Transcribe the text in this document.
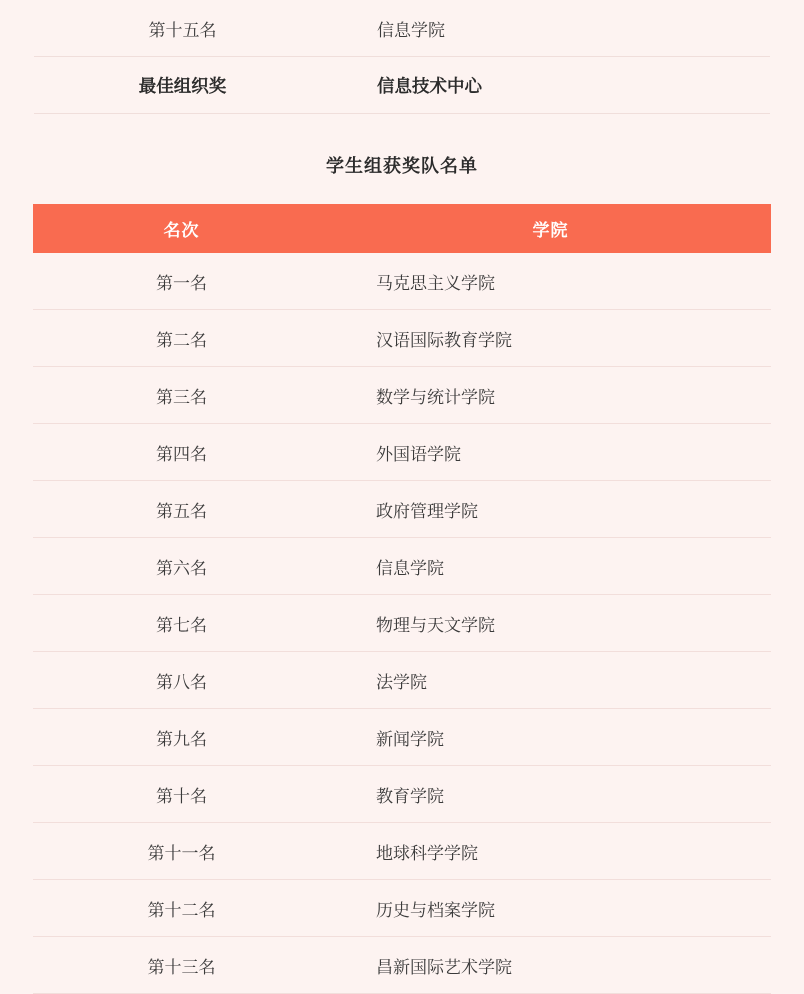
第十五名	信息学院
最佳组织奖	信息技术中心
学生组获奖队名单
名次	学院
第一名	马克思主义学院
第二名	汉语国际教育学院
第三名	数学与统计学院
第四名	外国语学院
第五名	政府管理学院
第六名	信息学院
第七名	物理与天文学院
第八名	法学院
第九名	新闻学院
第十名	教育学院
第十一名	地球科学学院
第十二名	历史与档案学院
第十三名	昌新国际艺术学院
